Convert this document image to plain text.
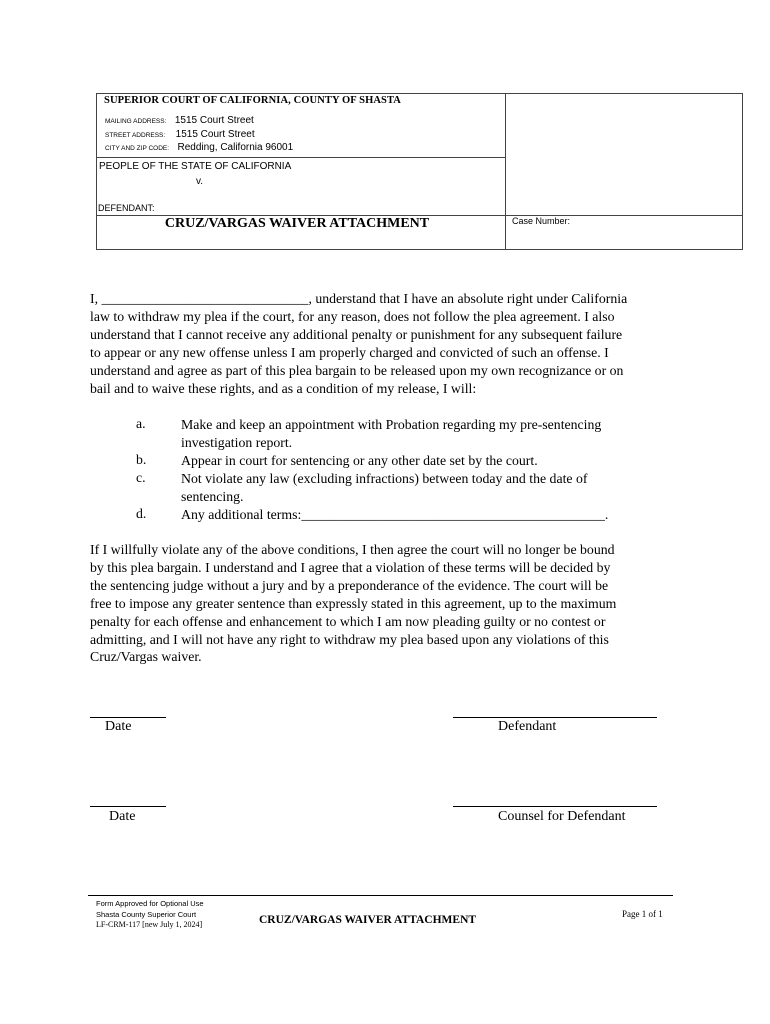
SUPERIOR COURT OF CALIFORNIA, COUNTY OF SHASTA
MAILING ADDRESS: 1515 Court Street
STREET ADDRESS: 1515 Court Street
CITY AND ZIP CODE: Redding, California 96001
PEOPLE OF THE STATE OF CALIFORNIA
v.
DEFENDANT:
CRUZ/VARGAS WAIVER ATTACHMENT	Case Number:
I, ______________________________, understand that I have an absolute right under California
law to withdraw my plea if the court, for any reason, does not follow the plea agreement. I also
understand that I cannot receive any additional penalty or punishment for any subsequent failure
to appear or any new offense unless I am properly charged and convicted of such an offense. I
understand and agree as part of this plea bargain to be released upon my own recognizance or on
bail and to waive these rights, and as a condition of my release, I will:
a.	Make and keep an appointment with Probation regarding my pre-sentencing
investigation report.
b.	Appear in court for sentencing or any other date set by the court.
c.	Not violate any law (excluding infractions) between today and the date of
sentencing.
d.	Any additional terms:____________________________________________.
If I willfully violate any of the above conditions, I then agree the court will no longer be bound
by this plea bargain. I understand and I agree that a violation of these terms will be decided by
the sentencing judge without a jury and by a preponderance of the evidence. The court will be
free to impose any greater sentence than expressly stated in this agreement, up to the maximum
penalty for each offense and enhancement to which I am now pleading guilty or no contest or
admitting, and I will not have any right to withdraw my plea based upon any violations of this
Cruz/Vargas waiver.
Date	Defendant
Date	Counsel for Defendant
Form Approved for Optional Use
Shasta County Superior Court
LF-CRM-117 [new July 1, 2024]	CRUZ/VARGAS WAIVER ATTACHMENT	Page 1 of 1
